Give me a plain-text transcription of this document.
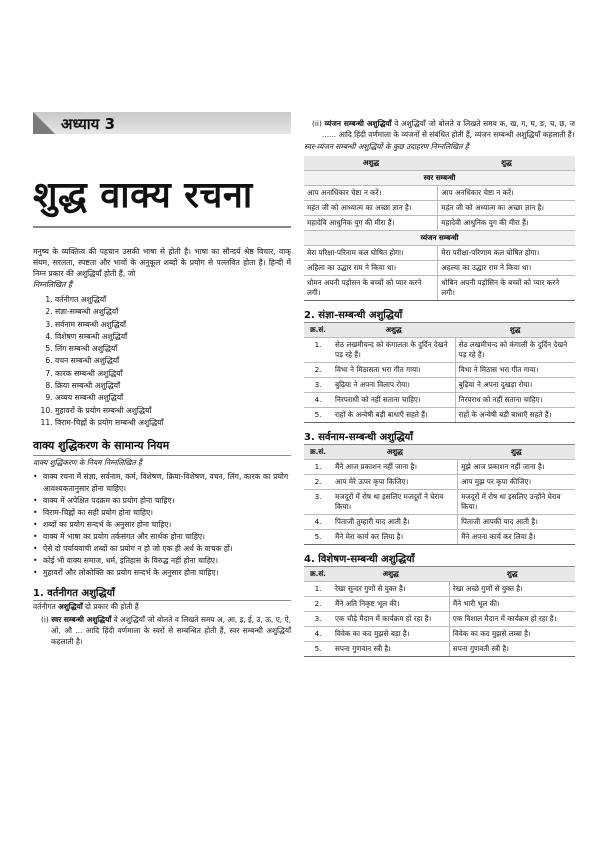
अध्याय 3
शुद्ध वाक्य रचना
मनुष्य के व्यक्तित्व की पहचान उसकी भाषा से होती है। भाषा का सौन्दर्य श्रेष्ठ विचार, वाक् संयम, सरलता, स्पष्टता और भावों के अनुकूल शब्दों के प्रयोग से पल्लवित होता है। हिन्दी में निम्न प्रकार की अशुद्धियाँ होती हैं, जो
निम्नलिखित हैं
1. वर्तनीगत अशुद्धियाँ
2. संज्ञा-सम्बन्धी अशुद्धियाँ
3. सर्वनाम सम्बन्धी अशुद्धियाँ
4. विशेषण सम्बन्धी अशुद्धियाँ
5. लिंग सम्बन्धी अशुद्धियाँ
6. वचन सम्बन्धी अशुद्धियाँ
7. कारक सम्बन्धी अशुद्धियाँ
8. क्रिया सम्बन्धी अशुद्धियाँ
9. अव्यय सम्बन्धी अशुद्धियाँ
10. मुहावरों के प्रयोग सम्बन्धी अशुद्धियाँ
11. विराम-चिह्नों के प्रयोग सम्बन्धी अशुद्धियाँ
वाक्य शुद्धिकरण के सामान्य नियम
वाक्य शुद्धिकरण के नियम निम्नलिखित हैं
• वाक्य रचना में संज्ञा, सर्वनाम, कर्म, विशेषण, क्रिया-विशेषण, वचन, लिंग, कारक का प्रयोग आवश्यकतानुसार होना चाहिए।
• वाक्य में अपेक्षित पदक्रम का प्रयोग होना चाहिए।
• विराम-चिह्नों का सही प्रयोग होना चाहिए।
• शब्दों का प्रयोग सन्दर्भ के अनुसार होना चाहिए।
• वाक्य में भाषा का प्रयोग तर्कसंगत और सार्थक होना चाहिए।
• ऐसे दो पर्यायवाची शब्दों का प्रयोग न हो जो एक ही अर्थ के वाचक हों।
• कोई भी वाक्य समाज, धर्म, इतिहास के विरुद्ध नहीं होना चाहिए।
• मुहावरों और लोकोक्ति का प्रयोग सन्दर्भ के अनुसार होना चाहिए।
1. वर्तनीगत अशुद्धियाँ
वर्तनीगत अशुद्धियाँ दो प्रकार की होती हैं
(i) स्वर सम्बन्धी अशुद्धियाँ वे अशुद्धियाँ जो बोलते व लिखते समय अ, आ, इ, ई, उ, ऊ, ए, ऐ, ओ, औ ... आदि हिंदी वर्णमाला के स्वरों से सम्बन्धित होती हैं, स्वर सम्बन्धी अशुद्धियाँ कहलाती है।
(ii) व्यंजन सम्बन्धी अशुद्धियाँ वे अशुद्धियाँ जो बोलते व लिखते समय क, ख, ग, घ, ङ, च, छ, ज ...... आदि हिंदी वर्णमाला के व्यंजनों से संबंधित होती हैं, व्यंजन सम्बन्धी अशुद्धियाँ कहलाती हैं।
स्वर-व्यंजन सम्बन्धी अशुद्धियों के कुछ उदाहरण निम्नलिखित हैं
अशुद्ध	शुद्ध
स्वर सम्बन्धी	
आप अनाधिकार चेष्टा न करें।	आप अनधिकार चेष्टा न करें।
महंत जी को आध्यात्म का अच्छा ज्ञान है।	महंत जी को अध्यात्म का अच्छा ज्ञान है।
महादेवि आधुनिक युग की मीरा हैं।	महादेवी आधुनिक युग की मीरा हैं।
व्यंजन सम्बन्धी	
मेरा परिक्षा-परिनाम कल घोषित होगा।	मेरा परीक्षा-परिणाम कल घोषित होगा।
अहिला का उद्धार राम ने किया था।	अहल्या का उद्धार राम ने किया था।
धोमन अपनी पड़ोसन के बच्चों को प्यार करने लगी।	धोबिन अपनी पड़ोसिन के बच्चों को प्यार करने लगी।
2. संज्ञा-सम्बन्धी अशुद्धियाँ
क्र.सं.	अशुद्ध	शुद्ध
1.	सेठ लखमीचन्द को कंगालता के दुर्दिन देखने पड़ रहे हैं।	सेठ लखमीचन्द को कंगाली के दुर्दिन देखने पड़ रहे हैं।
2.	विभा ने मिठासता भरा गीत गाया।	विभा ने मिठास भरा गीत गाया।
3.	बुढ़िया ने अपना विलाप रोया।	बुढ़िया ने अपना दुखड़ा रोया।
4.	निरपराधी को नहीं सताना चाहिए।	निरपराध को नहीं सताना चाहिए।
5.	राहों के अन्वेषी बड़ी बाधाएँ सहते हैं।	राहों के अन्वेषी बड़ी बाधाएँ सहते हैं।
3. सर्वनाम-सम्बन्धी अशुद्धियाँ
क्र.सं.	अशुद्ध	शुद्ध
1.	मैंने आज प्रकाशन नहीं जाना है।	मुझे आज प्रकाशन नहीं जाना है।
2.	आप मेरे ऊपर कृपा किजिए।	आप मुझ पर कृपा कीजिए।
3.	मजदूरों में रोष था इसलिए मजदूरों ने घेराव किया।	मजदूरों में रोष था इसलिए उन्होंने घेराव किया।
4.	पिताजी तुम्हारी याद आती है।	पिताजी आपकी याद आती है।
5.	मैंने मेरा कार्य कर लिया है।	मैंने अपना कार्य कर लिया है।
4. विशेषण-सम्बन्धी अशुद्धियाँ
क्र.सं.	अशुद्ध	शुद्ध
1.	रेखा सुन्दर गुणों से युक्त है।	रेखा अच्छे गुणों से युक्त है।
2.	मैंने अति निकृष्ट भूल की।	मैंने भारी भूल की।
3.	एक चौड़े मैदान में कार्यक्रम हो रहा है।	एक विशाल मैदान में कार्यक्रम हो रहा है।
4.	विवेक का कद मुझसे बड़ा है।	विवेक का कद मुझसे लम्बा है।
5.	सपना गुणवान स्त्री है।	सपना गुणवती स्त्री है।
